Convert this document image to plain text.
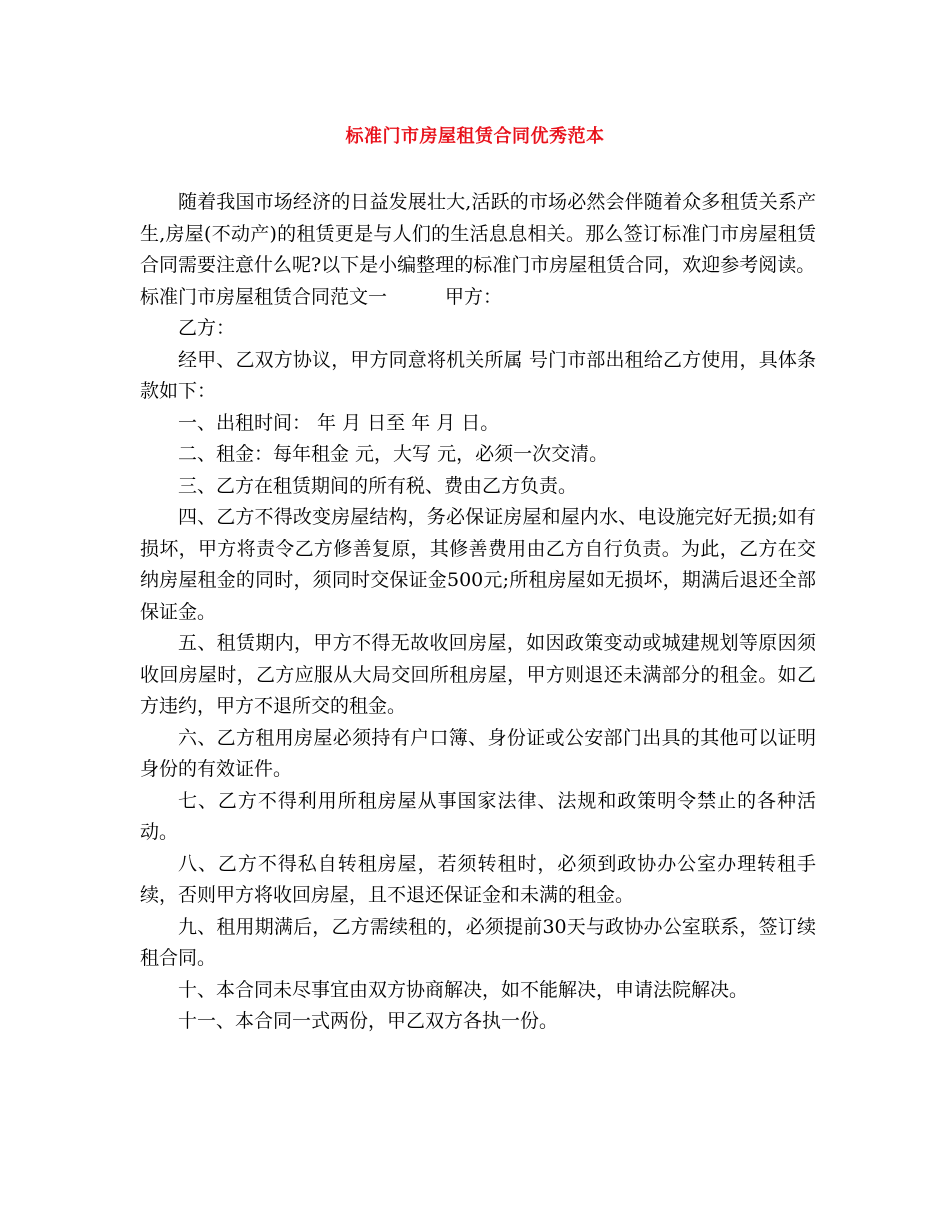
标准门市房屋租赁合同优秀范本

随着我国市场经济的日益发展壮大,活跃的市场必然会伴随着众多租赁关系产生,房屋(不动产)的租赁更是与人们的生活息息相关。那么签订标准门市房屋租赁合同需要注意什么呢?以下是小编整理的标准门市房屋租赁合同，欢迎参考阅读。

标准门市房屋租赁合同范文一	甲方：

乙方：

经甲、乙双方协议，甲方同意将机关所属 号门市部出租给乙方使用，具体条款如下：

一、出租时间： 年 月 日至 年 月 日。

二、租金：每年租金 元，大写 元，必须一次交清。

三、乙方在租赁期间的所有税、费由乙方负责。

四、乙方不得改变房屋结构，务必保证房屋和屋内水、电设施完好无损;如有损坏，甲方将责令乙方修善复原，其修善费用由乙方自行负责。为此，乙方在交纳房屋租金的同时，须同时交保证金500元;所租房屋如无损坏，期满后退还全部保证金。

五、租赁期内，甲方不得无故收回房屋，如因政策变动或城建规划等原因须收回房屋时，乙方应服从大局交回所租房屋，甲方则退还未满部分的租金。如乙方违约，甲方不退所交的租金。

六、乙方租用房屋必须持有户口簿、身份证或公安部门出具的其他可以证明身份的有效证件。

七、乙方不得利用所租房屋从事国家法律、法规和政策明令禁止的各种活动。

八、乙方不得私自转租房屋，若须转租时，必须到政协办公室办理转租手续，否则甲方将收回房屋，且不退还保证金和未满的租金。

九、租用期满后，乙方需续租的，必须提前30天与政协办公室联系，签订续租合同。

十、本合同未尽事宜由双方协商解决，如不能解决，申请法院解决。

十一、本合同一式两份，甲乙双方各执一份。
